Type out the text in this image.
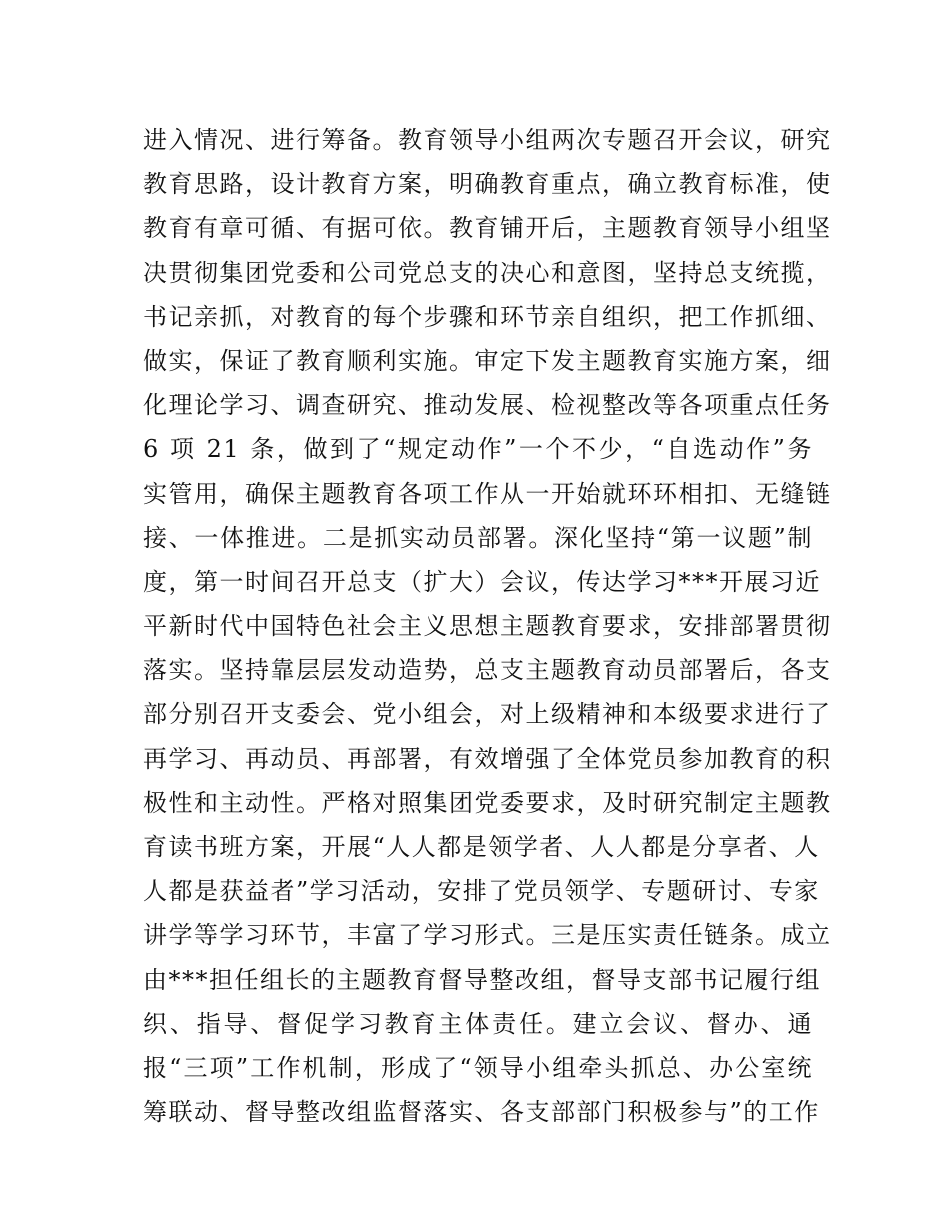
进入情况、进行筹备。教育领导小组两次专题召开会议，研究
教育思路，设计教育方案，明确教育重点，确立教育标准，使
教育有章可循、有据可依。教育铺开后，主题教育领导小组坚
决贯彻集团党委和公司党总支的决心和意图，坚持总支统揽，
书记亲抓，对教育的每个步骤和环节亲自组织，把工作抓细、
做实，保证了教育顺利实施。审定下发主题教育实施方案，细
化理论学习、调查研究、推动发展、检视整改等各项重点任务
6 项 21 条，做到了“规定动作”一个不少，“自选动作”务
实管用，确保主题教育各项工作从一开始就环环相扣、无缝链
接、一体推进。二是抓实动员部署。深化坚持“第一议题”制
度，第一时间召开总支（扩大）会议，传达学习***开展习近
平新时代中国特色社会主义思想主题教育要求，安排部署贯彻
落实。坚持靠层层发动造势，总支主题教育动员部署后，各支
部分别召开支委会、党小组会，对上级精神和本级要求进行了
再学习、再动员、再部署，有效增强了全体党员参加教育的积
极性和主动性。严格对照集团党委要求，及时研究制定主题教
育读书班方案，开展“人人都是领学者、人人都是分享者、人
人都是获益者”学习活动，安排了党员领学、专题研讨、专家
讲学等学习环节，丰富了学习形式。三是压实责任链条。成立
由***担任组长的主题教育督导整改组，督导支部书记履行组
织、指导、督促学习教育主体责任。建立会议、督办、通
报“三项”工作机制，形成了“领导小组牵头抓总、办公室统
筹联动、督导整改组监督落实、各支部部门积极参与”的工作
